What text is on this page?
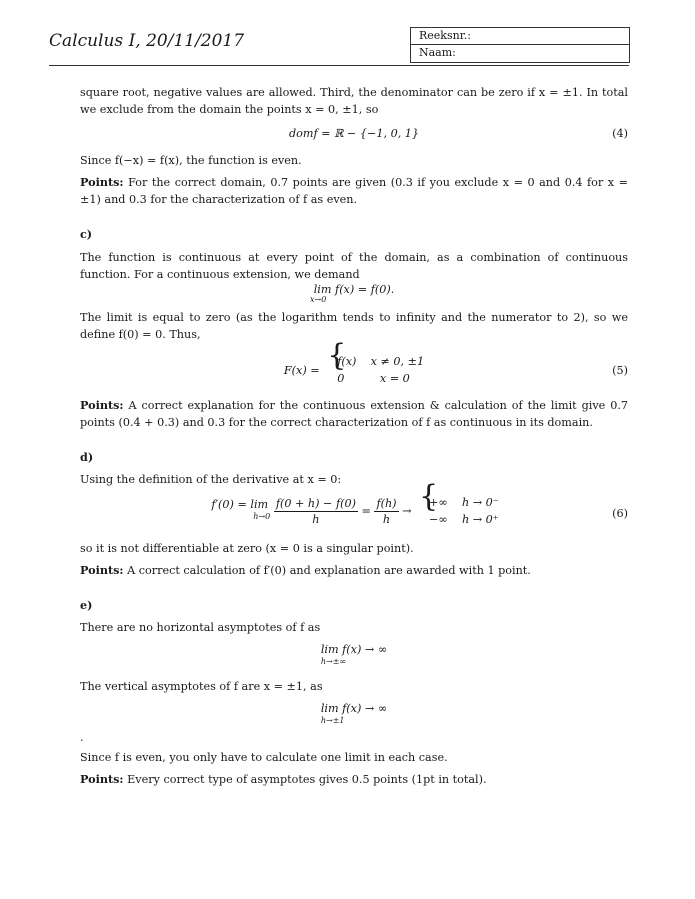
Calculus I, 20/11/2017	Reeksnr.:
Naam:

square root, negative values are allowed. Third, the denominator can be zero if x = ±1. In total we exclude from the domain the points x = 0, ±1, so

domf = ℝ − {−1, 0, 1}	(4)

Since f(−x) = f(x), the function is even.

Points: For the correct domain, 0.7 points are given (0.3 if you exclude x = 0 and 0.4 for x = ±1) and 0.3 for the characterization of f as even.

c)

The function is continuous at every point of the domain, as a combination of continuous function. For a continuous extension, we demand

lim f(x) = f(0).
x→0

The limit is equal to zero (as the logarithm tends to infinity and the numerator to 2), so we define f(0) = 0. Thus,

F(x) = {
f(x)    x ≠ 0, ±1
0          x = 0
(5)

Points: A correct explanation for the continuous extension & calculation of the limit give 0.7 points (0.4 + 0.3) and 0.3 for the correct characterization of f as continuous in its domain.

d)

Using the definition of the derivative at x = 0:

f′(0) = lim
h→0
$\frac{f(0 + h) - f(0)}{h} = \frac{f(h)}{h}$ → {
+∞    h → 0⁻
−∞    h → 0⁺	(6)

so it is not differentiable at zero (x = 0 is a singular point).

Points: A correct calculation of f′(0) and explanation are awarded with 1 point.

e)

There are no horizontal asymptotes of f as

lim f(x) → ∞
h→±∞

The vertical asymptotes of f are x = ±1, as

lim f(x) → ∞
h→±1

.

Since f is even, you only have to calculate one limit in each case.

Points: Every correct type of asymptotes gives 0.5 points (1pt in total).
